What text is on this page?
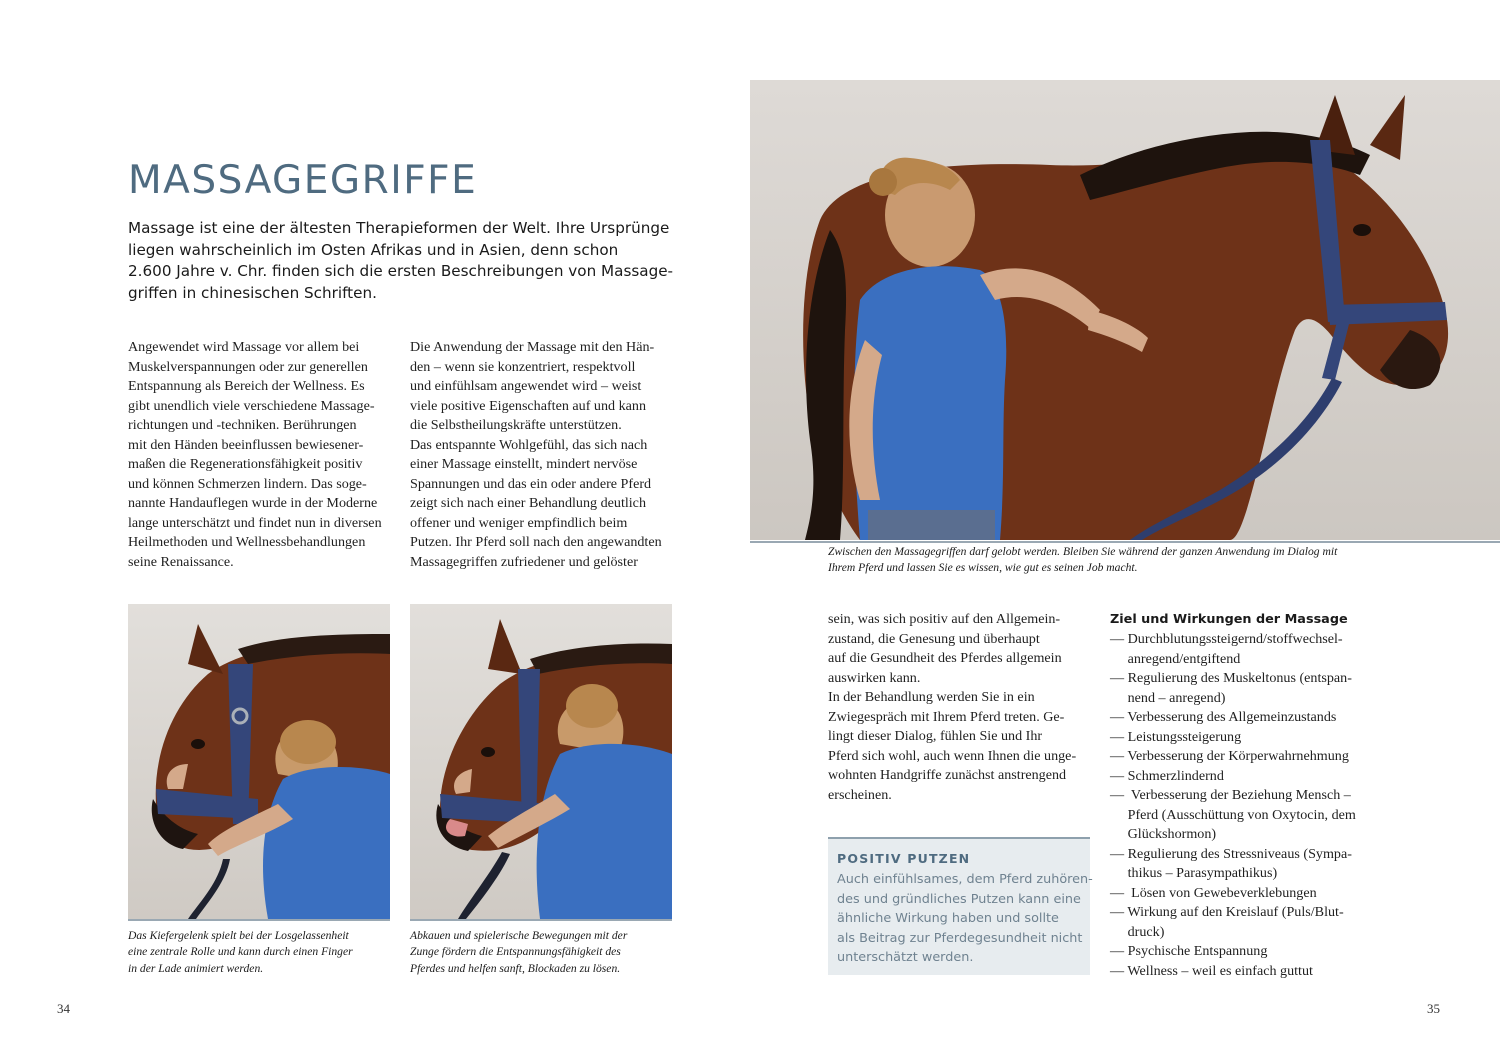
MASSAGEGRIFFE
Massage ist eine der ältesten Therapieformen der Welt. Ihre Ursprünge
liegen wahrscheinlich im Osten Afrikas und in Asien, denn schon
2.600 Jahre v. Chr. finden sich die ersten Beschreibungen von Massage-
griffen in chinesischen Schriften.
Angewendet wird Massage vor allem bei
Muskelverspannungen oder zur generellen
Entspannung als Bereich der Wellness. Es
gibt unendlich viele verschiedene Massage-
richtungen und -techniken. Berührungen
mit den Händen beeinflussen bewiesener-
maßen die Regenerationsfähigkeit positiv
und können Schmerzen lindern. Das soge-
nannte Handauflegen wurde in der Moderne
lange unterschätzt und findet nun in diversen
Heilmethoden und Wellnessbehandlungen
seine Renaissance.
Die Anwendung der Massage mit den Hän-
den – wenn sie konzentriert, respektvoll
und einfühlsam angewendet wird – weist
viele positive Eigenschaften auf und kann
die Selbstheilungskräfte unterstützen.
Das entspannte Wohlgefühl, das sich nach
einer Massage einstellt, mindert nervöse
Spannungen und das ein oder andere Pferd
zeigt sich nach einer Behandlung deutlich
offener und weniger empfindlich beim
Putzen. Ihr Pferd soll nach den angewandten
Massagegriffen zufriedener und gelöster
Das Kiefergelenk spielt bei der Losgelassenheit
eine zentrale Rolle und kann durch einen Finger
in der Lade animiert werden.
Abkauen und spielerische Bewegungen mit der
Zunge fördern die Entspannungsfähigkeit des
Pferdes und helfen sanft, Blockaden zu lösen.
Zwischen den Massagegriffen darf gelobt werden. Bleiben Sie während der ganzen Anwendung im Dialog mit
Ihrem Pferd und lassen Sie es wissen, wie gut es seinen Job macht.
sein, was sich positiv auf den Allgemein-
zustand, die Genesung und überhaupt
auf die Gesundheit des Pferdes allgemein
auswirken kann.
In der Behandlung werden Sie in ein
Zwiegespräch mit Ihrem Pferd treten. Ge-
lingt dieser Dialog, fühlen Sie und Ihr
Pferd sich wohl, auch wenn Ihnen die unge-
wohnten Handgriffe zunächst anstrengend
erscheinen.
POSITIV PUTZEN
Auch einfühlsames, dem Pferd zuhören-
des und gründliches Putzen kann eine
ähnliche Wirkung haben und sollte
als Beitrag zur Pferdegesundheit nicht
unterschätzt werden.
Ziel und Wirkungen der Massage
— Durchblutungssteigernd/stoffwechsel-
anregend/entgiftend
— Regulierung des Muskeltonus (entspan-
nend – anregend)
— Verbesserung des Allgemeinzustands
— Leistungssteigerung
— Verbesserung der Körperwahrnehmung
— Schmerzlindernd
—  Verbesserung der Beziehung Mensch –
Pferd (Ausschüttung von Oxytocin, dem
Glückshormon)
— Regulierung des Stressniveaus (Sympa-
thikus – Parasympathikus)
—  Lösen von Gewebeverklebungen
— Wirkung auf den Kreislauf (Puls/Blut-
druck)
— Psychische Entspannung
— Wellness – weil es einfach guttut
34	35
